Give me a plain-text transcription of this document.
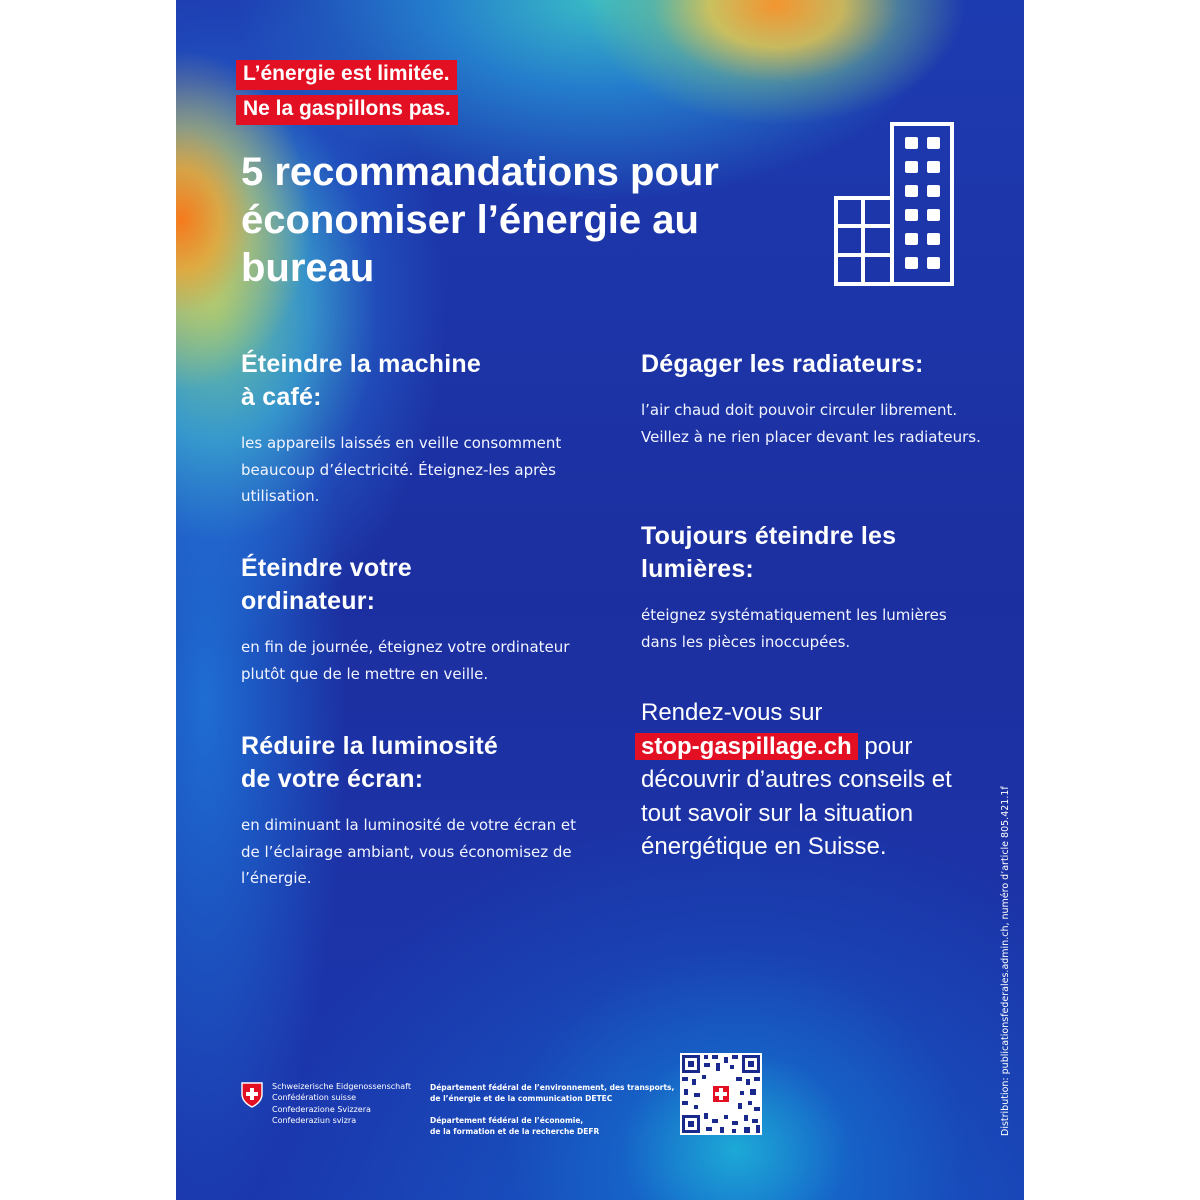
L’énergie est limitée.
Ne la gaspillons pas.
5 recommandations pour économiser l’énergie au bureau
Éteindre la machine
à café:

les appareils laissés en veille consomment beaucoup d’électricité. Éteignez-les après utilisation.

Éteindre votre
ordinateur:

en fin de journée, éteignez votre ordinateur plutôt que de le mettre en veille.

Réduire la luminosité
de votre écran:

en diminuant la luminosité de votre écran et de l’éclairage ambiant, vous économisez de l’énergie.

Dégager les radiateurs:

l’air chaud doit pouvoir circuler librement. Veillez à ne rien placer devant les radiateurs.

Toujours éteindre les
lumières:

éteignez systématiquement les lumières dans les pièces inoccupées.

Rendez-vous sur
stop-gaspillage.ch pour découvrir d’autres conseils et tout savoir sur la situation énergétique en Suisse.	Distribution: publicationsfederales.admin.ch, numéro d’article 805.421.1f
Schweizerische Eidgenossenschaft
Confédération suisse
Confederazione Svizzera
Confederaziun svizra
Département fédéral de l’environnement, des transports,
de l’énergie et de la communication DETEC
Département fédéral de l’économie,
de la formation et de la recherche DEFR
